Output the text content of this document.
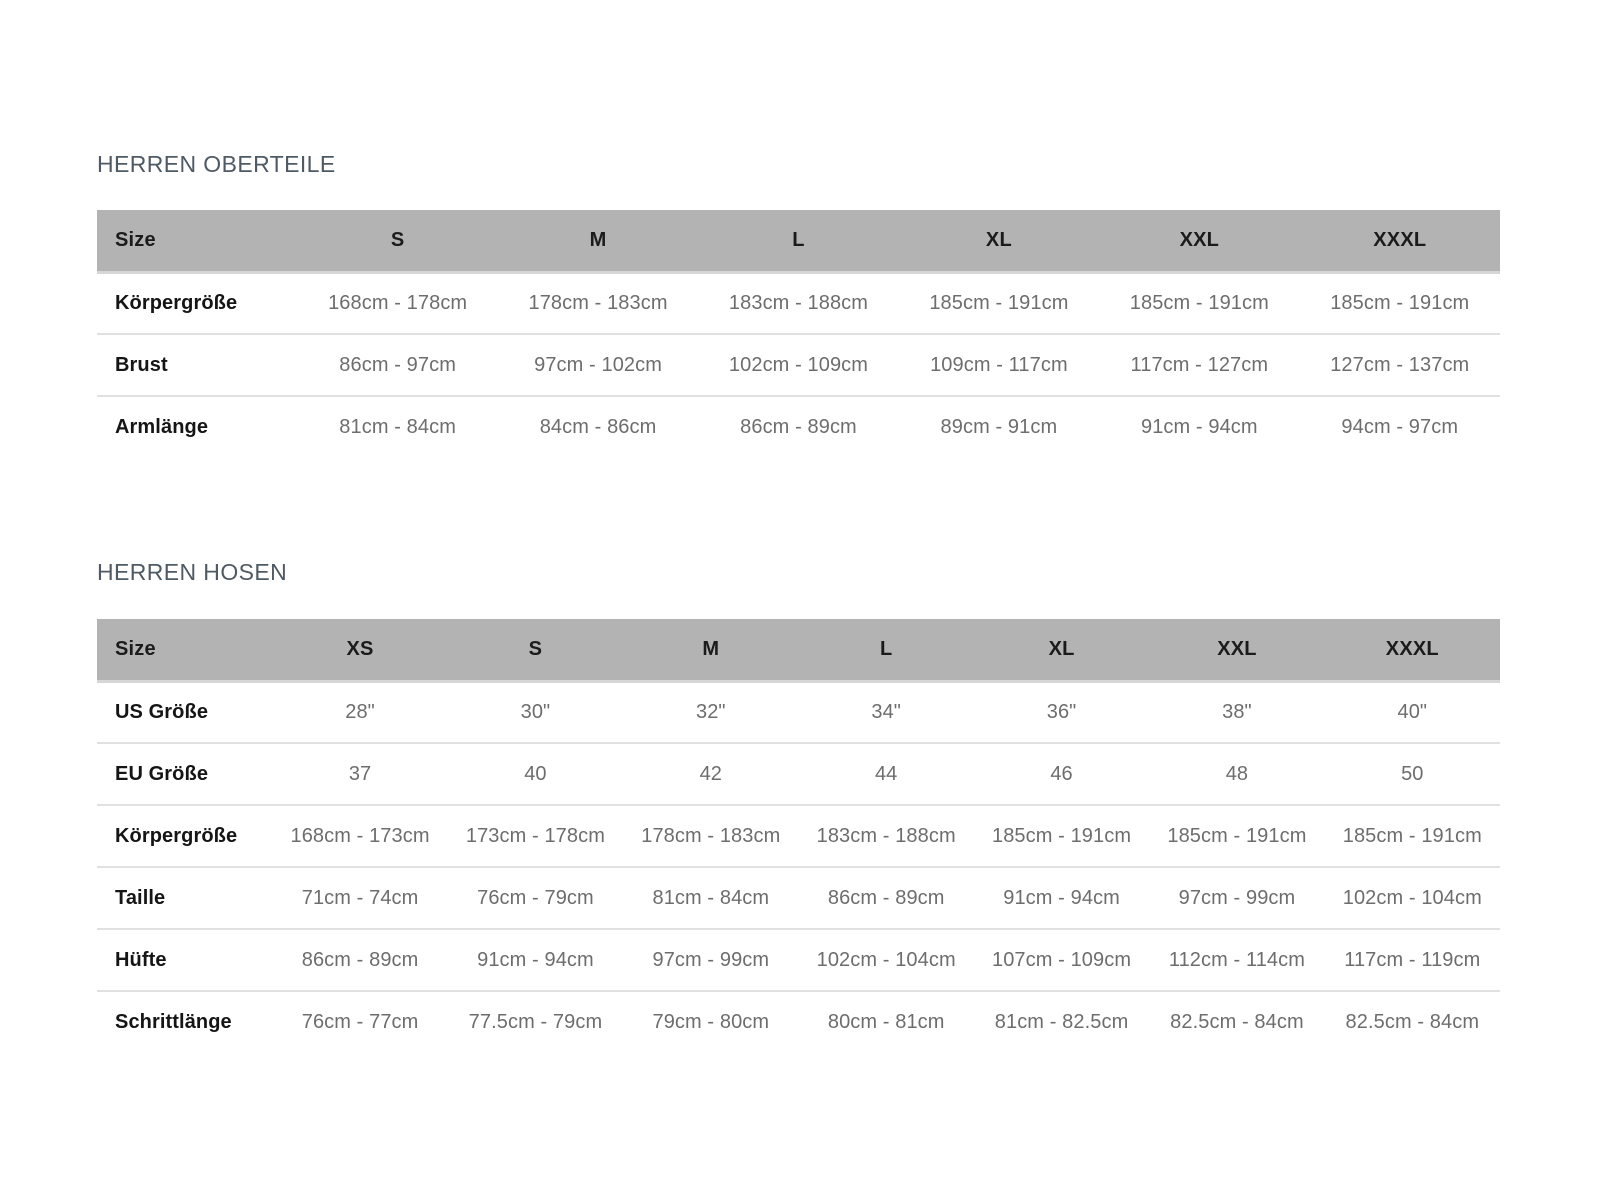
HERREN OBERTEILE
Size	S	M	L	XL	XXL	XXXL
Körpergröße	168cm - 178cm	178cm - 183cm	183cm - 188cm	185cm - 191cm	185cm - 191cm	185cm - 191cm
Brust	86cm - 97cm	97cm - 102cm	102cm - 109cm	109cm - 117cm	117cm - 127cm	127cm - 137cm
Armlänge	81cm - 84cm	84cm - 86cm	86cm - 89cm	89cm - 91cm	91cm - 94cm	94cm - 97cm
HERREN HOSEN
Size	XS	S	M	L	XL	XXL	XXXL
US Größe	28"	30"	32"	34"	36"	38"	40"
EU Größe	37	40	42	44	46	48	50
Körpergröße	168cm - 173cm	173cm - 178cm	178cm - 183cm	183cm - 188cm	185cm - 191cm	185cm - 191cm	185cm - 191cm
Taille	71cm - 74cm	76cm - 79cm	81cm - 84cm	86cm - 89cm	91cm - 94cm	97cm - 99cm	102cm - 104cm
Hüfte	86cm - 89cm	91cm - 94cm	97cm - 99cm	102cm - 104cm	107cm - 109cm	112cm - 114cm	117cm - 119cm
Schrittlänge	76cm - 77cm	77.5cm - 79cm	79cm - 80cm	80cm - 81cm	81cm - 82.5cm	82.5cm - 84cm	82.5cm - 84cm
